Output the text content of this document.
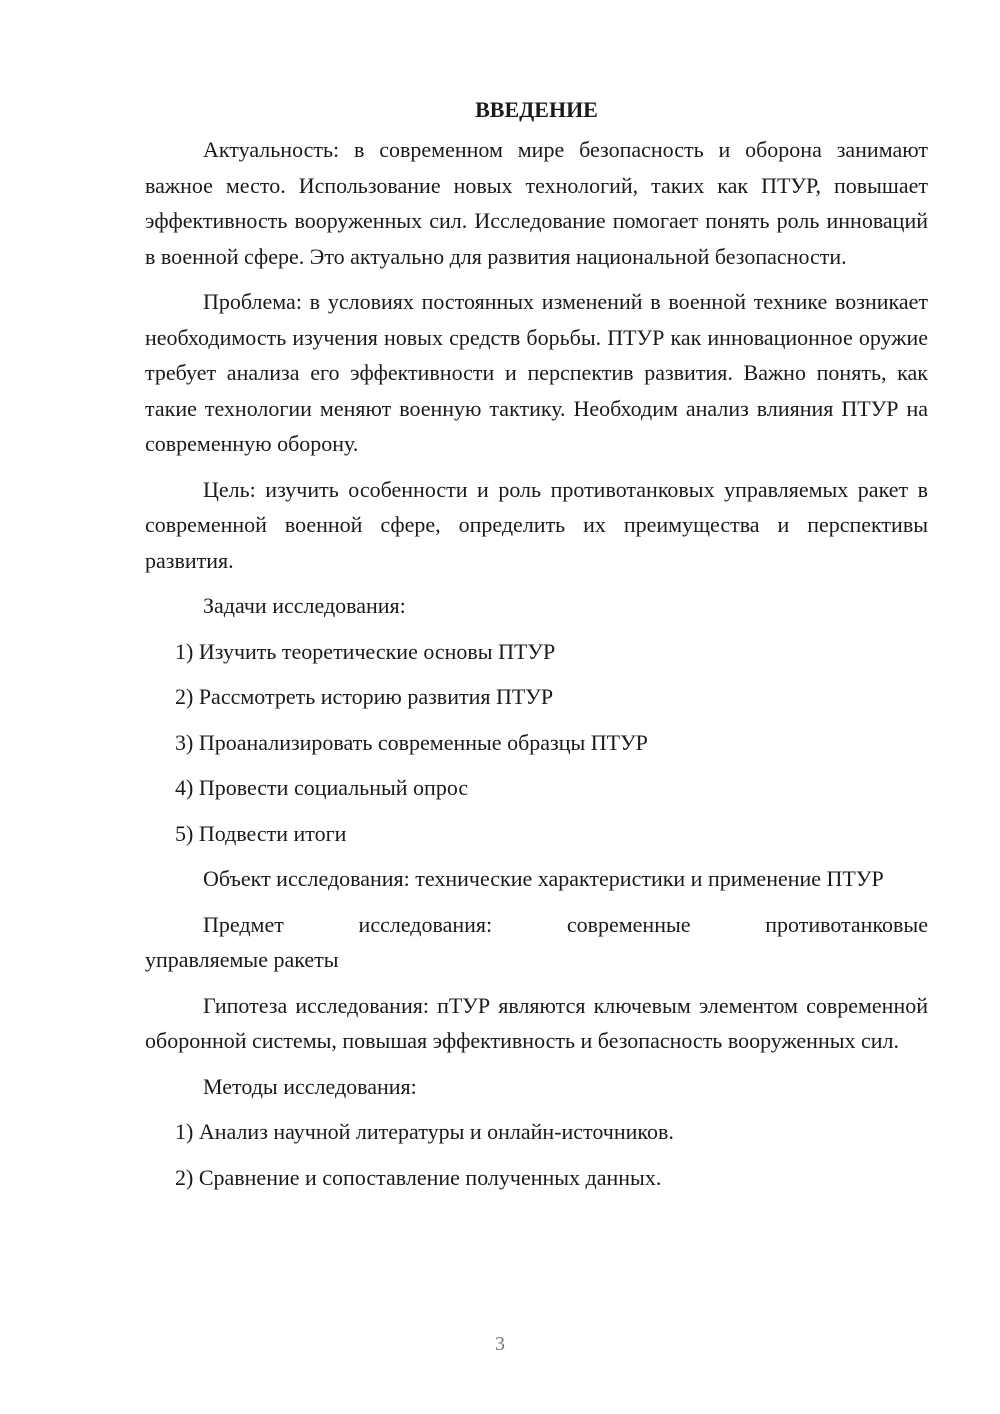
ВВЕДЕНИЕ

Актуальность: в современном мире безопасность и оборона занимают важное место. Использование новых технологий, таких как ПТУР, повышает эффективность вооруженных сил. Исследование помогает понять роль инноваций в военной сфере. Это актуально для развития национальной безопасности.

Проблема: в условиях постоянных изменений в военной технике возникает необходимость изучения новых средств борьбы. ПТУР как инновационное оружие требует анализа его эффективности и перспектив развития. Важно понять, как такие технологии меняют военную тактику. Необходим анализ влияния ПТУР на современную оборону.

Цель: изучить особенности и роль противотанковых управляемых ракет в современной военной сфере, определить их преимущества и перспективы развития.

Задачи исследования:
1) Изучить теоретические основы ПТУР
2) Рассмотреть историю развития ПТУР
3) Проанализировать современные образцы ПТУР
4) Провести социальный опрос
5) Подвести итоги

Объект исследования: технические характеристики и применение ПТУР

Предмет	исследования:	современные	противотанковые
управляемые ракеты

Гипотеза исследования: пТУР являются ключевым элементом современной оборонной системы, повышая эффективность и безопасность вооруженных сил.

Методы исследования:
1) Анализ научной литературы и онлайн-источников.
2) Сравнение и сопоставление полученных данных.
3
